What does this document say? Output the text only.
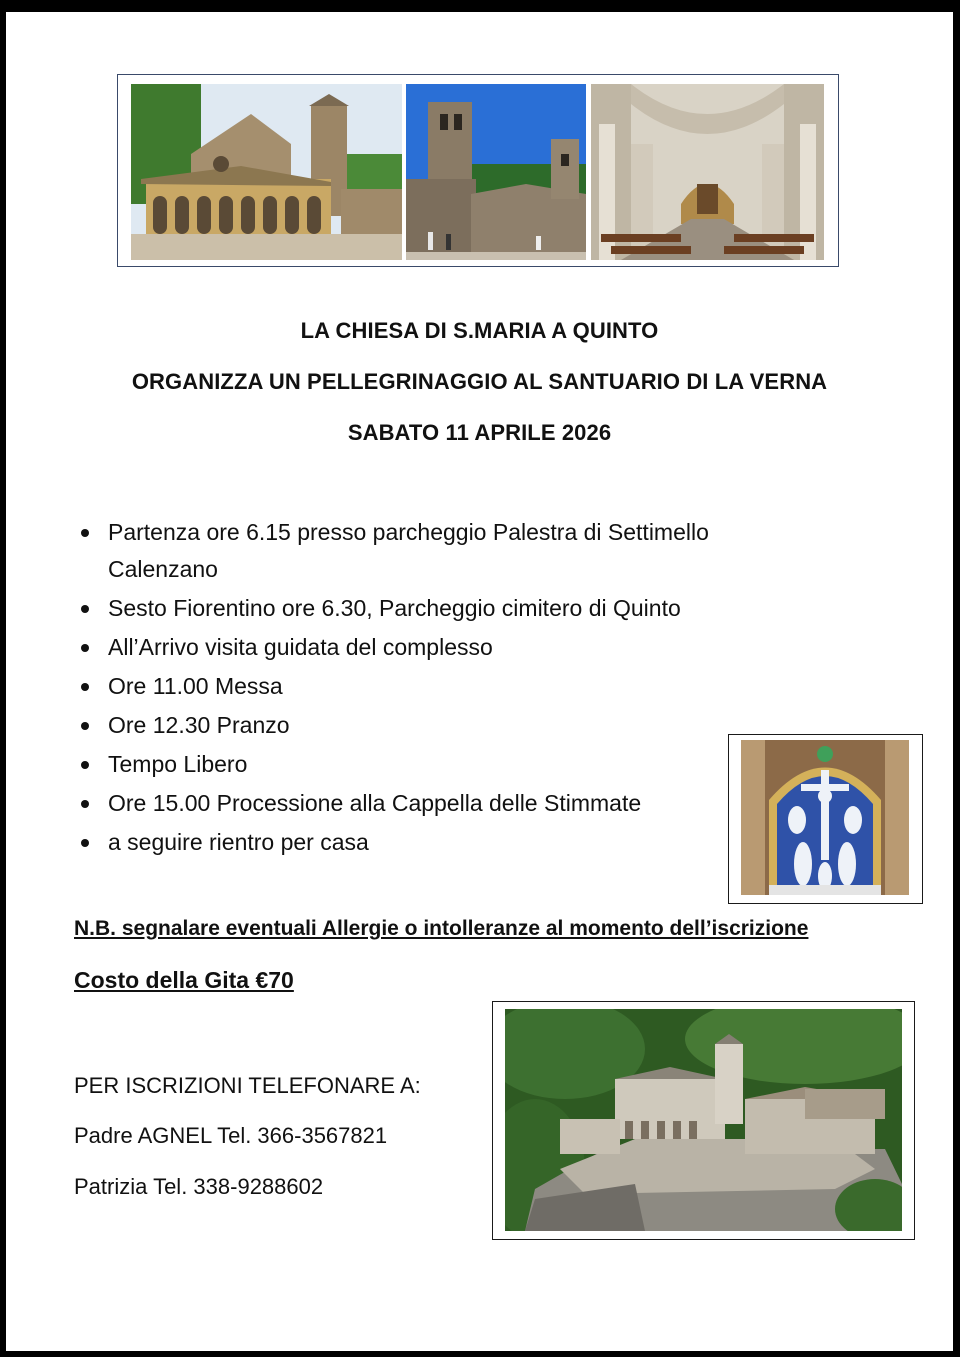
LA CHIESA DI S.MARIA A QUINTO
ORGANIZZA UN PELLEGRINAGGIO AL SANTUARIO DI LA VERNA
SABATO 11 APRILE 2026
Partenza ore 6.15 presso parcheggio Palestra di Settimello Calenzano
Sesto Fiorentino ore 6.30, Parcheggio cimitero di Quinto
All’Arrivo visita guidata del complesso
Ore 11.00 Messa
Ore 12.30 Pranzo
Tempo Libero
Ore 15.00 Processione alla Cappella delle Stimmate
a seguire rientro per casa
N.B. segnalare eventuali Allergie o intolleranze al momento dell’iscrizione
Costo della Gita €70
PER ISCRIZIONI TELEFONARE A:
Padre AGNEL Tel. 366-3567821
Patrizia Tel. 338-9288602
